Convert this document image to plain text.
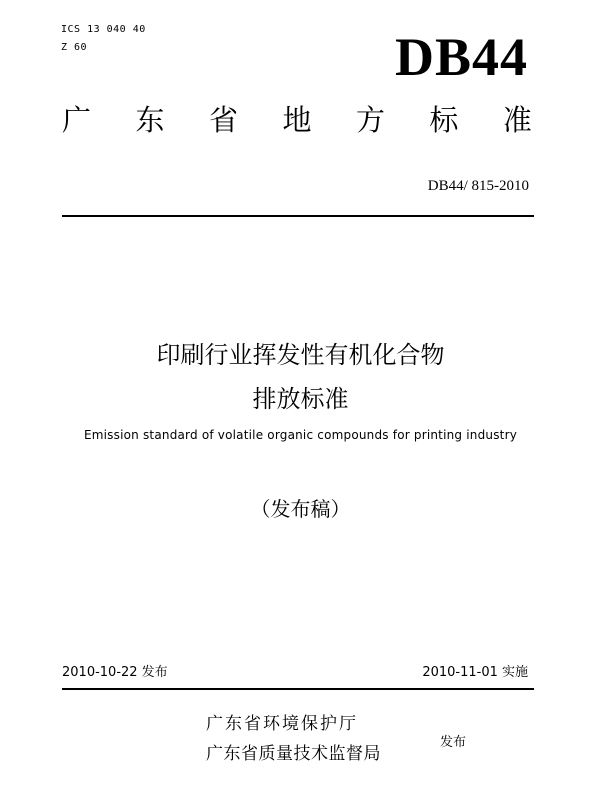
ICS 13 040 40
Z 60	DB44
广 东 省 地 方 标 准
DB44/ 815-2010
印刷行业挥发性有机化合物
排放标准
Emission standard of volatile organic compounds for printing industry
（发布稿）
2010-10-22 发布	2010-11-01 实施
广东省环境保护厅
广东省质量技术监督局
发布
